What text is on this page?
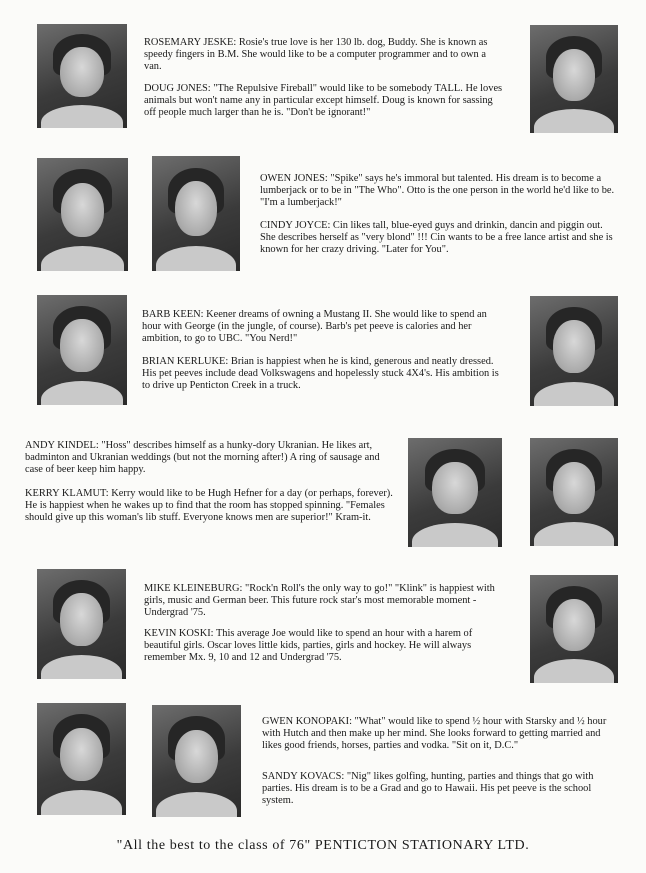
ROSEMARY JESKE: Rosie's true love is her 130 lb. dog, Buddy. She is known as speedy fingers in B.M. She would like to be a computer programmer and to own a van.

DOUG JONES: "The Repulsive Fireball" would like to be somebody TALL. He loves animals but won't name any in particular except himself. Doug is known for sassing off people much larger than he is. "Don't be ignorant!"

OWEN JONES: "Spike" says he's immoral but talented. His dream is to become a lumberjack or to be in "The Who". Otto is the one person in the world he'd like to be. "I'm a lumberjack!"

CINDY JOYCE: Cin likes tall, blue-eyed guys and drinkin, dancin and piggin out. She describes herself as "very blond" !!! Cin wants to be a free lance artist and she is known for her crazy driving. "Later for You".

BARB KEEN: Keener dreams of owning a Mustang II. She would like to spend an hour with George (in the jungle, of course). Barb's pet peeve is calories and her ambition, to go to UBC. "You Nerd!"

BRIAN KERLUKE: Brian is happiest when he is kind, generous and neatly dressed. His pet peeves include dead Volkswagens and hopelessly stuck 4X4's. His ambition is to drive up Penticton Creek in a truck.

ANDY KINDEL: "Hoss" describes himself as a hunky-dory Ukranian. He likes art, badminton and Ukranian weddings (but not the morning after!) A ring of sausage and case of beer keep him happy.

KERRY KLAMUT: Kerry would like to be Hugh Hefner for a day (or perhaps, forever). He is happiest when he wakes up to find that the room has stopped spinning. "Females should give up this woman's lib stuff. Everyone knows men are superior!" Kram-it.

MIKE KLEINEBURG: "Rock'n Roll's the only way to go!" "Klink" is happiest with girls, music and German beer. This future rock star's most memorable moment - Undergrad '75.

KEVIN KOSKI: This average Joe would like to spend an hour with a harem of beautiful girls. Oscar loves little kids, parties, girls and hockey. He will always remember Mx. 9, 10 and 12 and Undergrad '75.

GWEN KONOPAKI: "What" would like to spend ½ hour with Starsky and ½ hour with Hutch and then make up her mind. She looks forward to getting married and likes good friends, horses, parties and vodka. "Sit on it, D.C."

SANDY KOVACS: "Nig" likes golfing, hunting, parties and things that go with parties. His dream is to be a Grad and go to Hawaii. His pet peeve is the school system.

"All the best to the class of 76" PENTICTON STATIONARY LTD.
